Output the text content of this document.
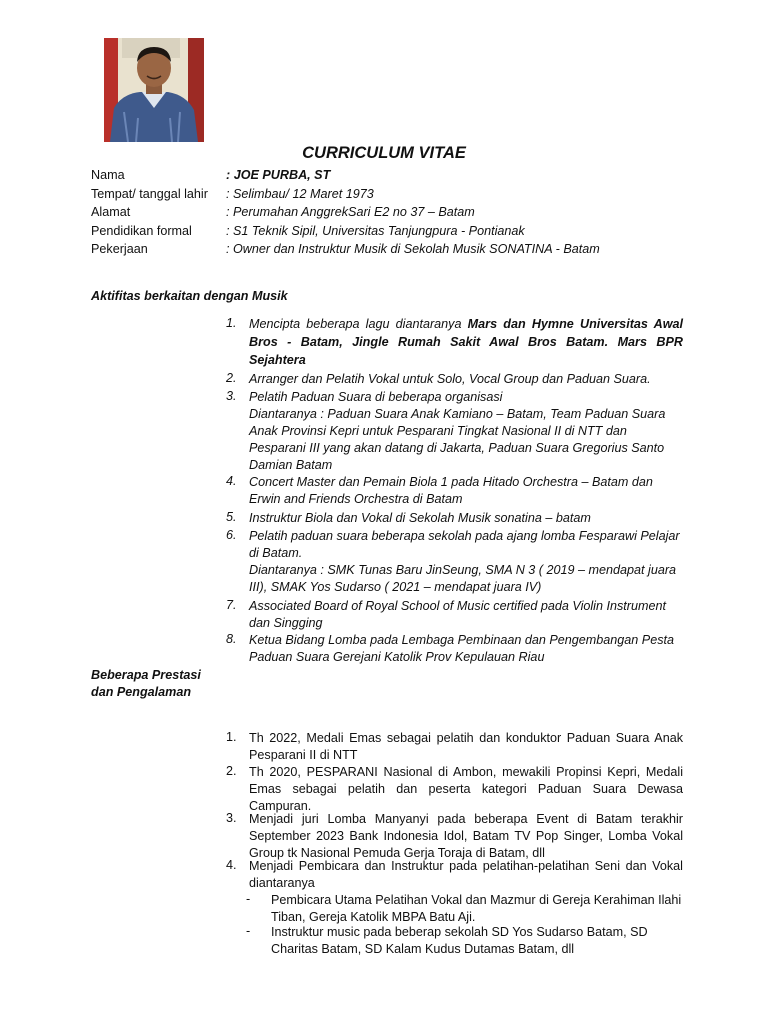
CURRICULUM VITAE
Nama	: JOE PURBA, ST
Tempat/ tanggal lahir : Selimbau/ 12 Maret 1973
Alamat	: Perumahan AnggrekSari E2 no 37 – Batam
Pendidikan formal	: S1 Teknik Sipil, Universitas Tanjungpura - Pontianak
Pekerjaan	: Owner dan Instruktur Musik di Sekolah Musik SONATINA - Batam
Aktifitas berkaitan dengan Musik
1. Mencipta beberapa lagu diantaranya Mars dan Hymne Universitas Awal Bros - Batam, Jingle Rumah Sakit Awal Bros Batam. Mars BPR Sejahtera
2. Arranger dan Pelatih Vokal untuk Solo, Vocal Group dan Paduan Suara.
3. Pelatih Paduan Suara di beberapa organisasi
Diantaranya : Paduan Suara Anak Kamiano – Batam, Team Paduan Suara Anak Provinsi Kepri untuk Pesparani Tingkat Nasional II di NTT dan Pesparani III yang akan datang di Jakarta, Paduan Suara Gregorius Santo Damian Batam
4. Concert Master dan Pemain Biola 1 pada Hitado Orchestra – Batam dan Erwin and Friends Orchestra di Batam
5. Instruktur Biola dan Vokal di Sekolah Musik sonatina – batam
6. Pelatih paduan suara beberapa sekolah pada ajang lomba Fesparawi Pelajar di Batam.
Diantaranya : SMK Tunas Baru JinSeung, SMA N 3 ( 2019 – mendapat juara III), SMAK Yos Sudarso ( 2021 – mendapat juara IV)
7. Associated Board of Royal School of Music certified pada Violin Instrument dan Singging
8. Ketua Bidang Lomba pada Lembaga Pembinaan dan Pengembangan Pesta Paduan Suara Gerejani Katolik Prov Kepulauan Riau
Beberapa Prestasi
dan Pengalaman
1. Th 2022, Medali Emas sebagai pelatih dan konduktor Paduan Suara Anak Pesparani II di NTT
2. Th 2020, PESPARANI Nasional di Ambon, mewakili Propinsi Kepri, Medali Emas sebagai pelatih dan peserta kategori Paduan Suara Dewasa Campuran.
3. Menjadi juri Lomba Manyanyi pada beberapa Event di Batam terakhir September 2023 Bank Indonesia Idol, Batam TV Pop Singer, Lomba Vokal Group tk Nasional Pemuda Gerja Toraja di Batam, dll
4. Menjadi Pembicara dan Instruktur pada pelatihan-pelatihan Seni dan Vokal diantaranya
- Pembicara Utama Pelatihan Vokal dan Mazmur di Gereja Kerahiman Ilahi Tiban, Gereja Katolik MBPA Batu Aji.
- Instruktur music pada beberap sekolah SD Yos Sudarso Batam, SD Charitas Batam, SD Kalam Kudus Dutamas Batam, dll
